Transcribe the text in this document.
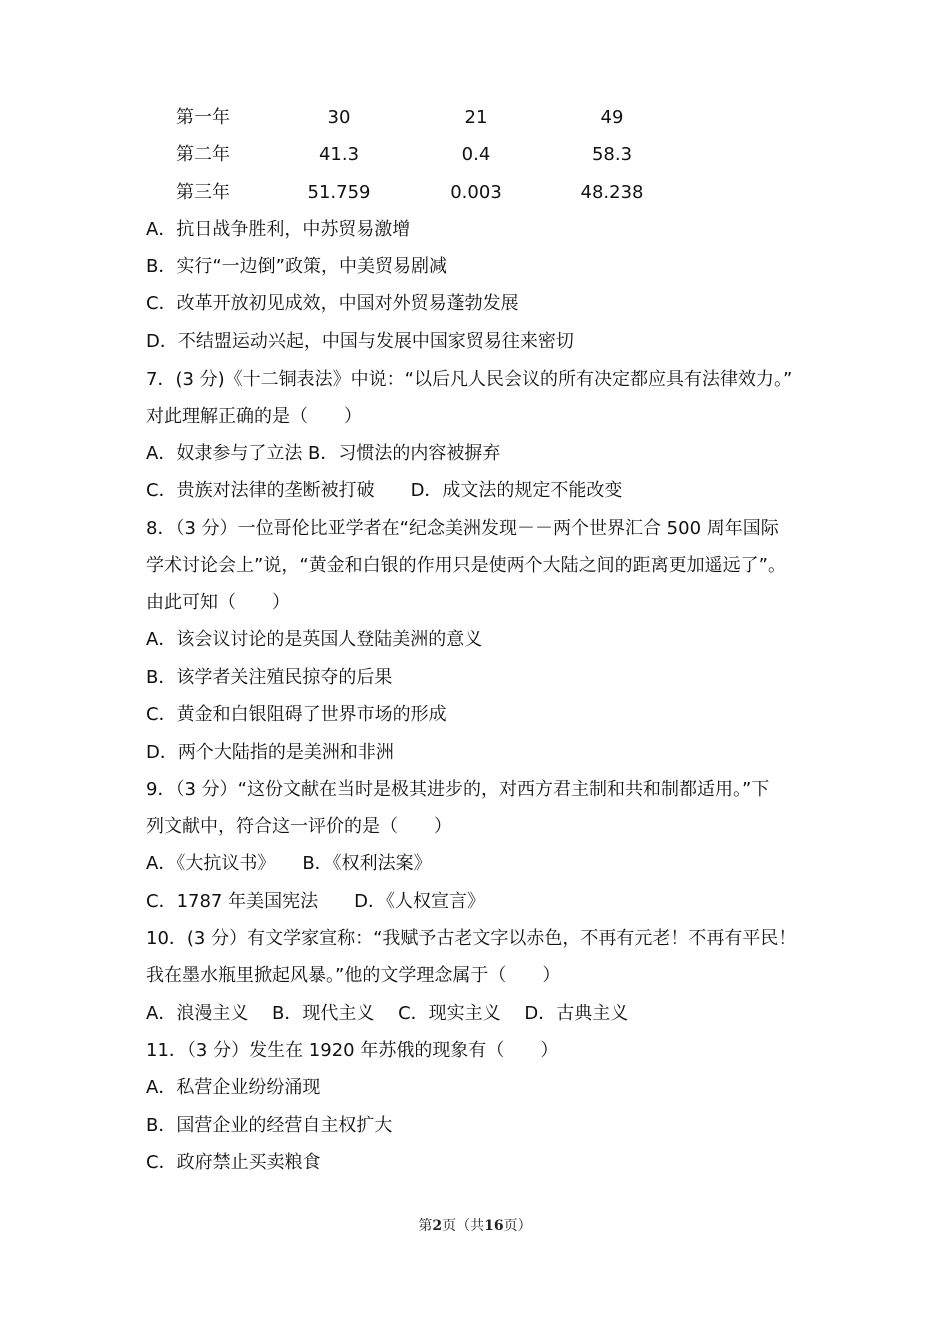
第一年	30	21	49
第二年	41.3	0.4	58.3
第三年	51.759	0.003	48.238
A．抗日战争胜利，中苏贸易激增
B．实行“一边倒”政策，中美贸易剧减
C．改革开放初见成效，中国对外贸易蓬勃发展
D．不结盟运动兴起，中国与发展中国家贸易往来密切
7．(3 分)《十二铜表法》中说：“以后凡人民会议的所有决定都应具有法律效力。”
对此理解正确的是（　　）
A．奴隶参与了立法 B．习惯法的内容被摒弃
C．贵族对法律的垄断被打破　　D．成文法的规定不能改变
8．（3 分）一位哥伦比亚学者在“纪念美洲发现－－两个世界汇合 500 周年国际
学术讨论会上”说，“黄金和白银的作用只是使两个大陆之间的距离更加遥远了”。
由此可知（　　）
A．该会议讨论的是英国人登陆美洲的意义
B．该学者关注殖民掠夺的后果
C．黄金和白银阻碍了世界市场的形成
D．两个大陆指的是美洲和非洲
9．（3 分）“这份文献在当时是极其进步的，对西方君主制和共和制都适用。”下
列文献中，符合这一评价的是（　　）
A．《大抗议书》　　B．《权利法案》
C．1787 年美国宪法　　D．《人权宣言》
10．(3 分）有文学家宣称：“我赋予古老文字以赤色，不再有元老！不再有平民！
我在墨水瓶里掀起风暴。”他的文学理念属于（　　）
A．浪漫主义　 B．现代主义　 C．现实主义　 D．古典主义
11．（3 分）发生在 1920 年苏俄的现象有（　　）
A．私营企业纷纷涌现
B．国营企业的经营自主权扩大
C．政府禁止买卖粮食
第2页（共16页）
